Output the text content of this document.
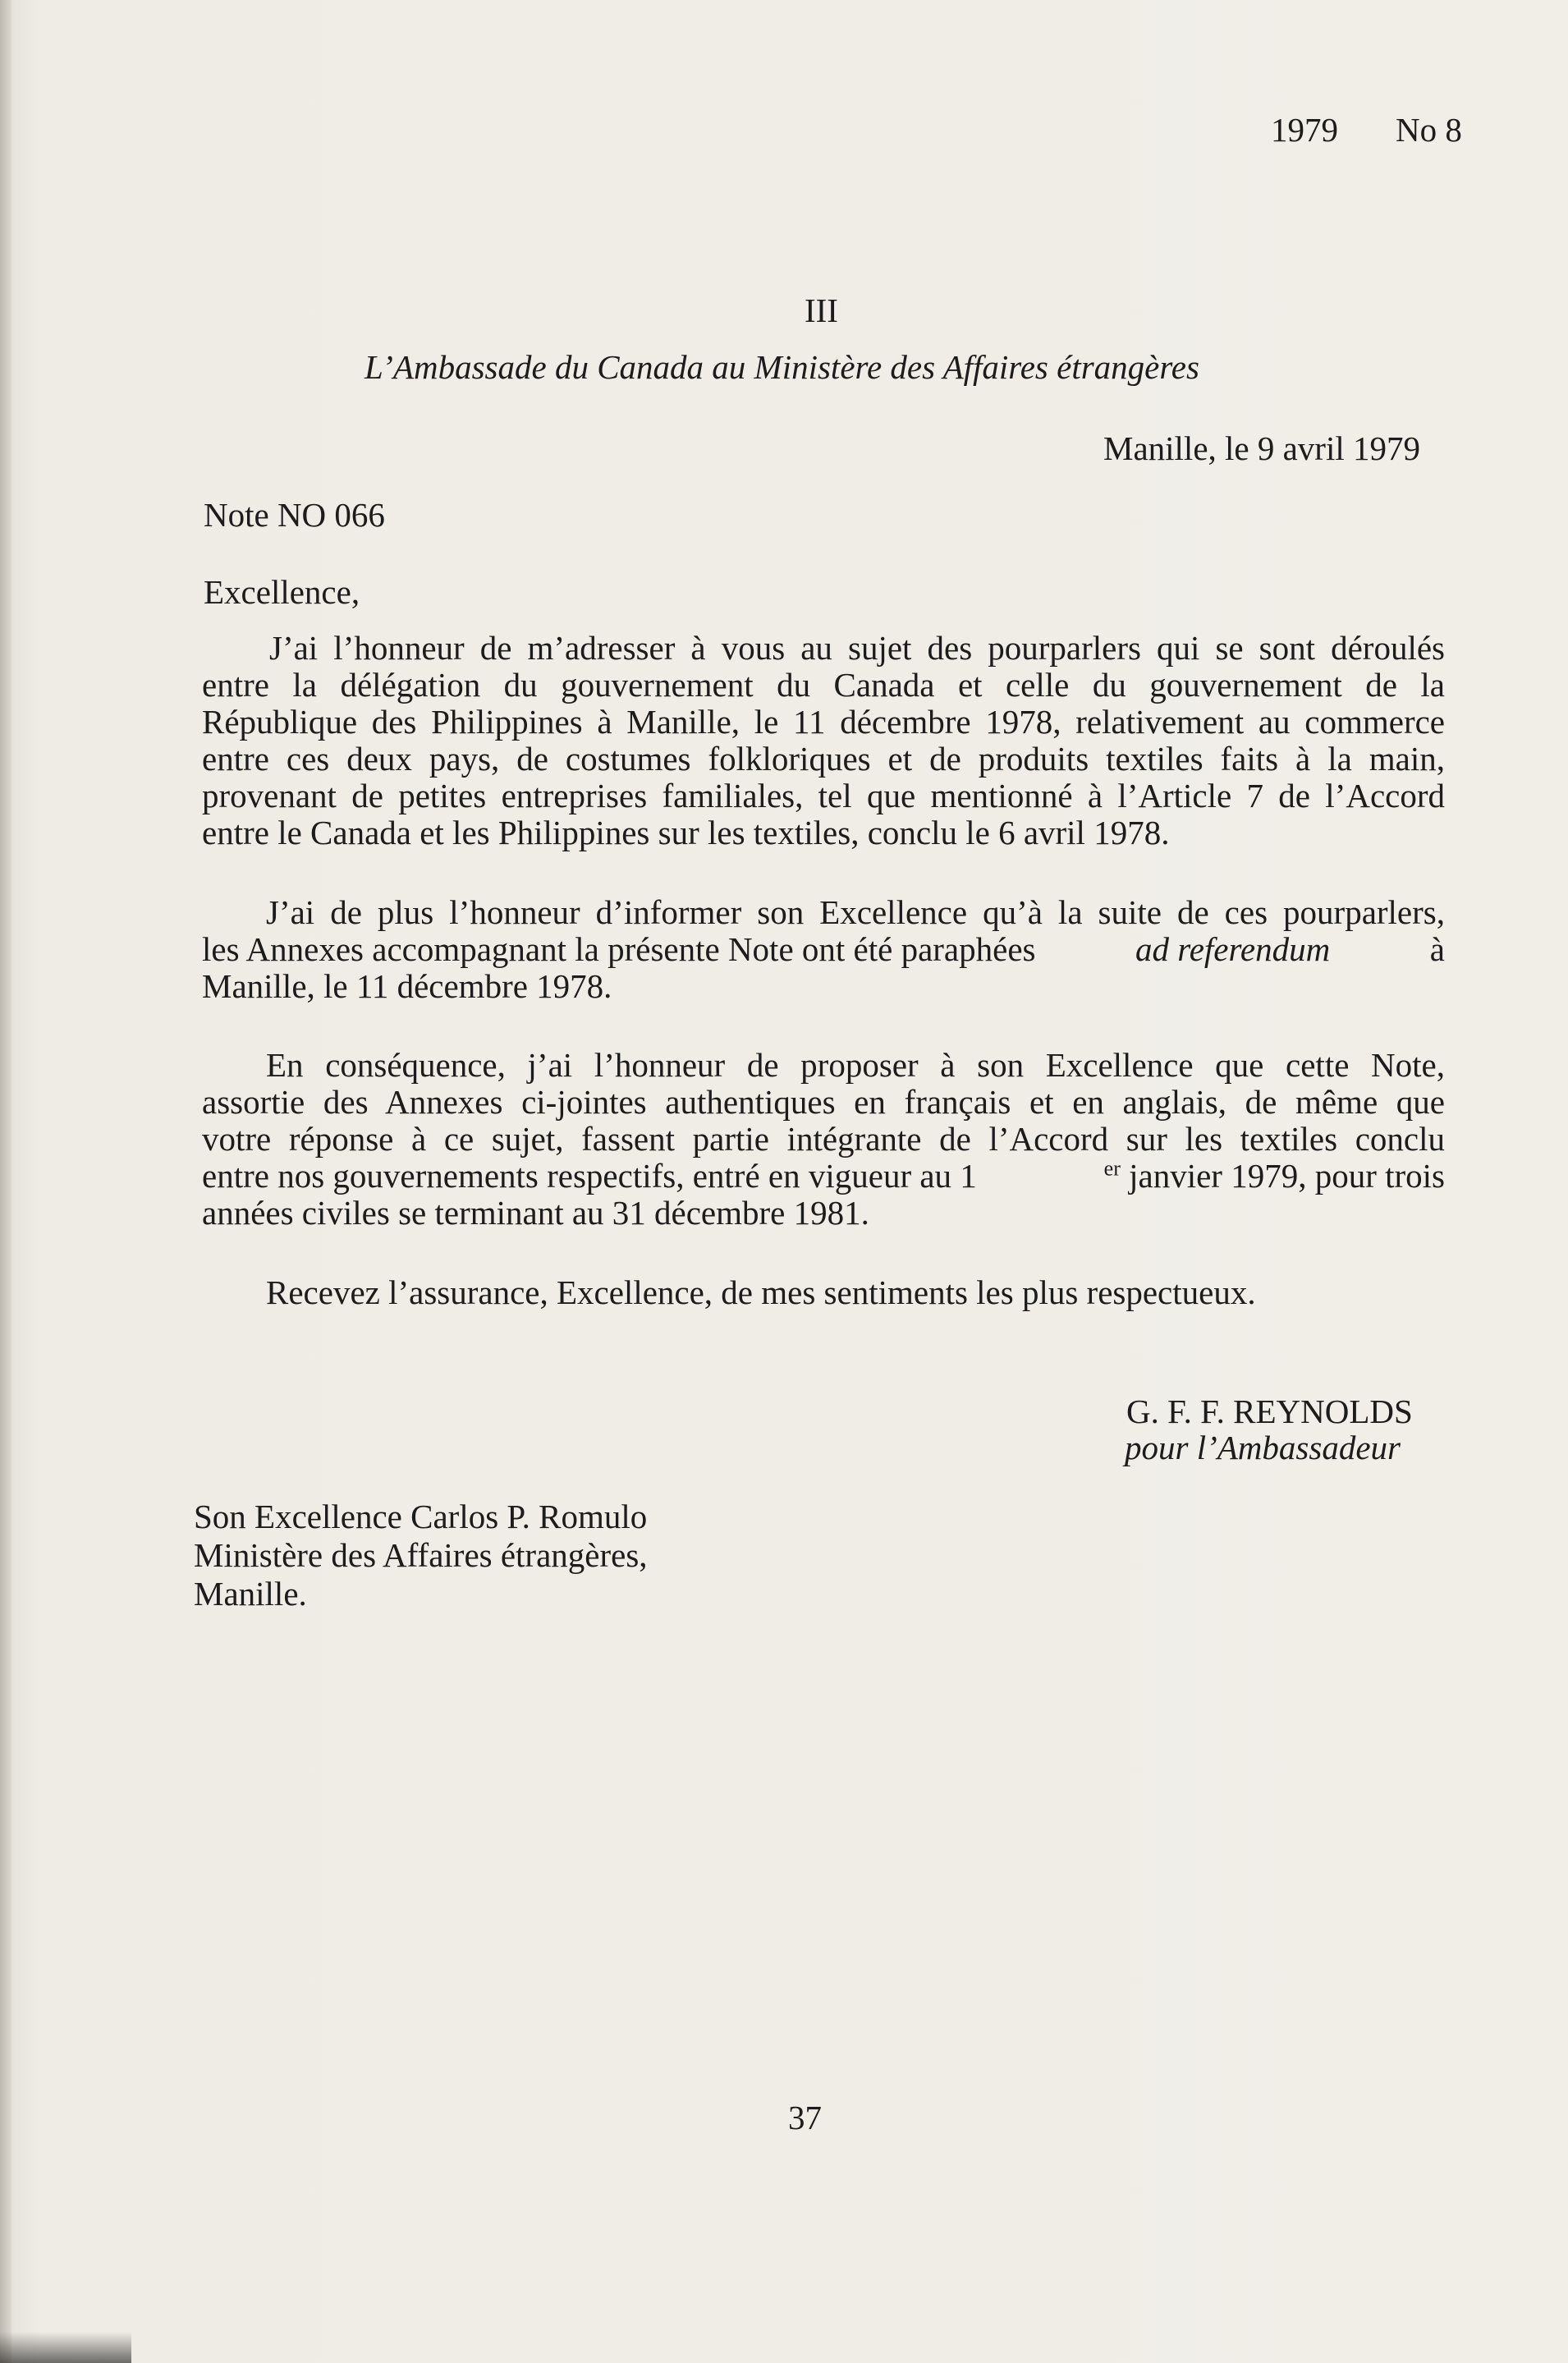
1979 No 8
III
L’Ambassade du Canada au Ministère des Affaires étrangères
Manille, le 9 avril 1979
Note NO 066
Excellence,
J’ai l’honneur de m’adresser à vous au sujet des pourparlers qui se sont déroulés
entre la délégation du gouvernement du Canada et celle du gouvernement de la
République des Philippines à Manille, le 11 décembre 1978, relativement au commerce
entre ces deux pays, de costumes folkloriques et de produits textiles faits à la main,
provenant de petites entreprises familiales, tel que mentionné à l’Article 7 de l’Accord
entre le Canada et les Philippines sur les textiles, conclu le 6 avril 1978.
J’ai de plus l’honneur d’informer son Excellence qu’à la suite de ces pourparlers,
les Annexes accompagnant la présente Note ont été paraphées	ad referendum	à
Manille, le 11 décembre 1978.
En conséquence, j’ai l’honneur de proposer à son Excellence que cette Note,
assortie des Annexes ci-jointes authentiques en français et en anglais, de même que
votre réponse à ce sujet, fassent partie intégrante de l’Accord sur les textiles conclu
entre nos gouvernements respectifs, entré en vigueur au 1	$^{er}$ janvier 1979, pour trois
années civiles se terminant au 31 décembre 1981.
Recevez l’assurance, Excellence, de mes sentiments les plus respectueux.
G. F. F. REYNOLDS
pour l’Ambassadeur
Son Excellence Carlos P. Romulo
Ministère des Affaires étrangères,
Manille.
37
